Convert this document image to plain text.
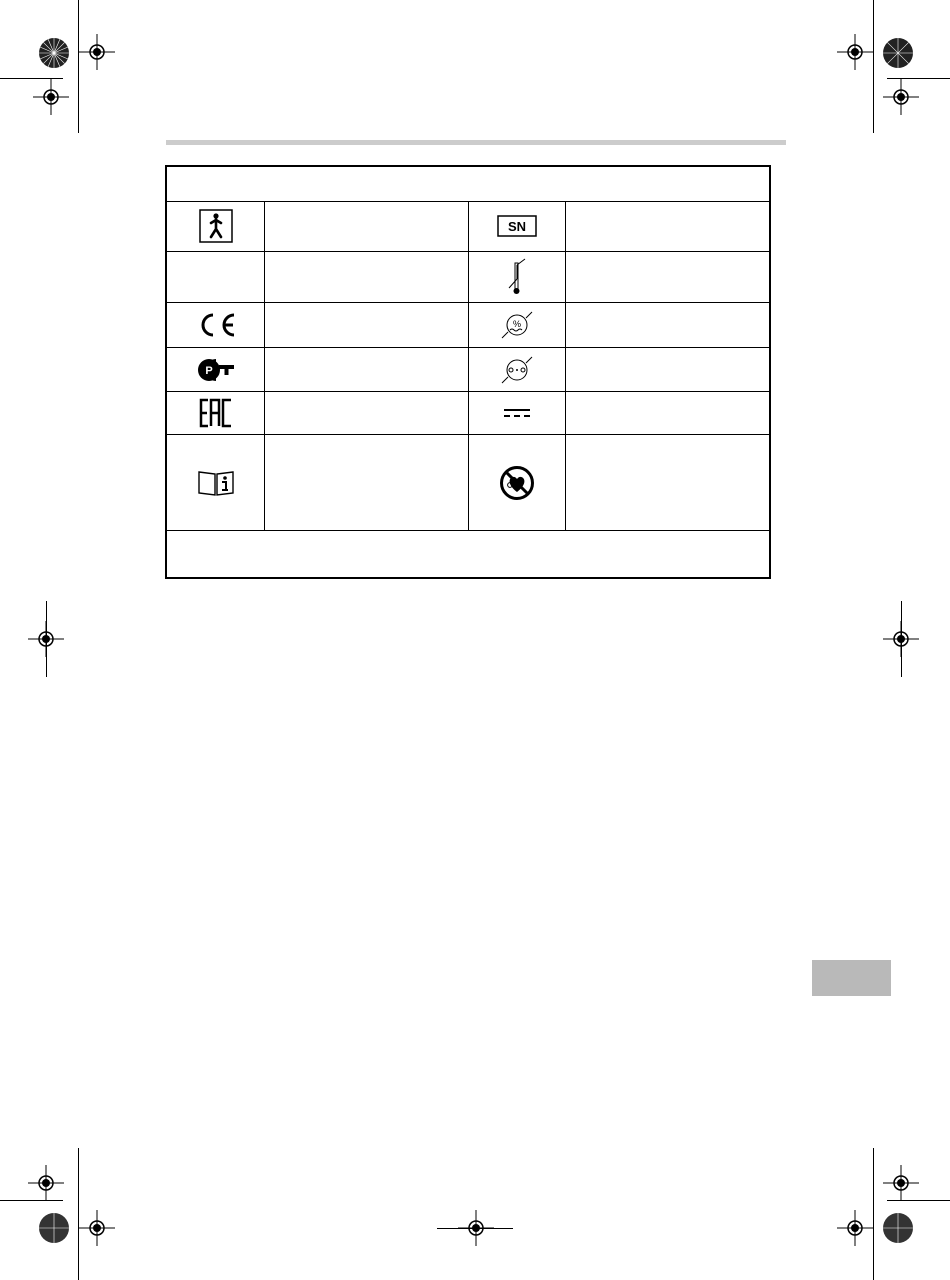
SN
%
P
